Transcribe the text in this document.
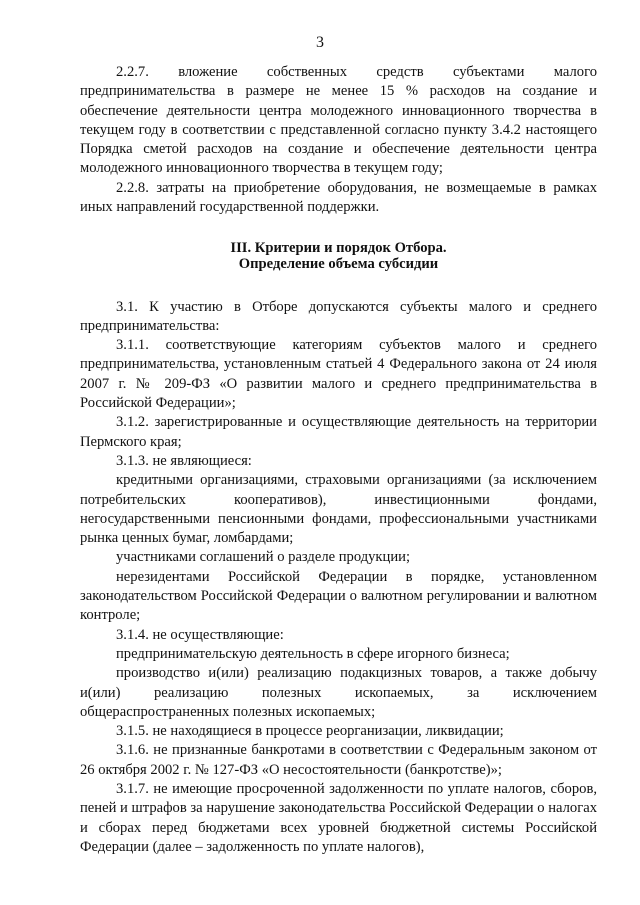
3

2.2.7. вложение собственных средств субъектами малого предпринимательства в размере не менее 15 % расходов на создание и обеспечение деятельности центра молодежного инновационного творчества в текущем году в соответствии с представленной согласно пункту 3.4.2 настоящего Порядка сметой расходов на создание и обеспечение деятельности центра молодежного инновационного творчества в текущем году;

2.2.8. затраты на приобретение оборудования, не возмещаемые в рамках иных направлений государственной поддержки.

III. Критерии и порядок Отбора.
Определение объема субсидии

3.1. К участию в Отборе допускаются субъекты малого и среднего предпринимательства:

3.1.1. соответствующие категориям субъектов малого и среднего предпринимательства, установленным статьей 4 Федерального закона от 24 июля 2007 г. № 209-ФЗ «О развитии малого и среднего предпринимательства в Российской Федерации»;

3.1.2. зарегистрированные и осуществляющие деятельность на территории Пермского края;

3.1.3. не являющиеся:

кредитными организациями, страховыми организациями (за исключением потребительских кооперативов), инвестиционными фондами, негосударственными пенсионными фондами, профессиональными участниками рынка ценных бумаг, ломбардами;

участниками соглашений о разделе продукции;

нерезидентами Российской Федерации в порядке, установленном законодательством Российской Федерации о валютном регулировании и валютном контроле;

3.1.4. не осуществляющие:

предпринимательскую деятельность в сфере игорного бизнеса;

производство и(или) реализацию подакцизных товаров, а также добычу и(или) реализацию полезных ископаемых, за исключением общераспространенных полезных ископаемых;

3.1.5. не находящиеся в процессе реорганизации, ликвидации;

3.1.6. не признанные банкротами в соответствии с Федеральным законом от 26 октября 2002 г. № 127-ФЗ «О несостоятельности (банкротстве)»;

3.1.7. не имеющие просроченной задолженности по уплате налогов, сборов, пеней и штрафов за нарушение законодательства Российской Федерации о налогах и сборах перед бюджетами всех уровней бюджетной системы Российской Федерации (далее – задолженность по уплате налогов),
